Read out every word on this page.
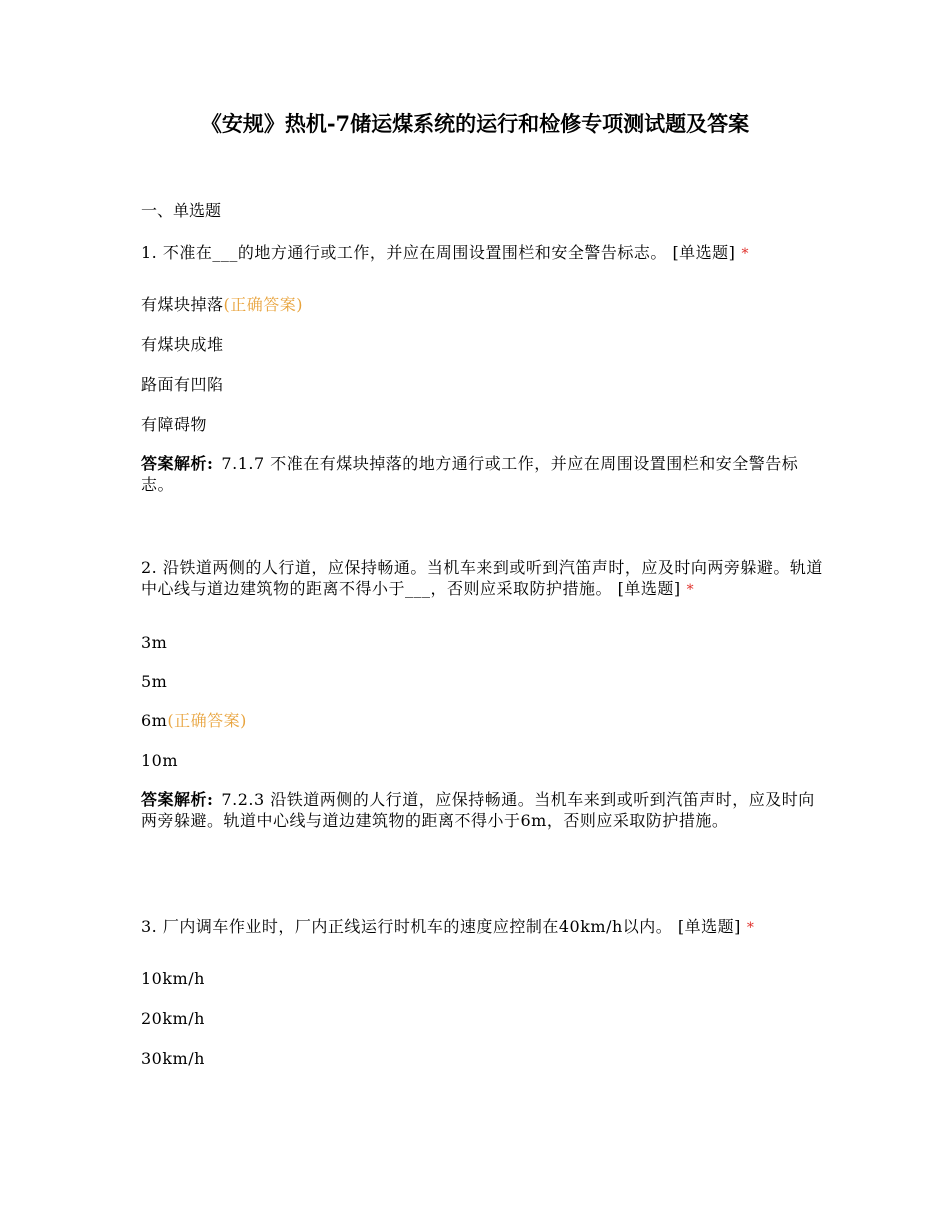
《安规》热机-7储运煤系统的运行和检修专项测试题及答案
一、单选题
1. 不准在___的地方通行或工作，并应在周围设置围栏和安全警告标志。 [单选题] *
有煤块掉落(正确答案)
有煤块成堆
路面有凹陷
有障碍物
答案解析: 7.1.7 不准在有煤块掉落的地方通行或工作，并应在周围设置围栏和安全警告标志。
2. 沿铁道两侧的人行道，应保持畅通。当机车来到或听到汽笛声时，应及时向两旁躲避。轨道中心线与道边建筑物的距离不得小于___，否则应采取防护措施。 [单选题] *
3m
5m
6m(正确答案)
10m
答案解析: 7.2.3 沿铁道两侧的人行道，应保持畅通。当机车来到或听到汽笛声时，应及时向两旁躲避。轨道中心线与道边建筑物的距离不得小于6m，否则应采取防护措施。
3. 厂内调车作业时，厂内正线运行时机车的速度应控制在40km/h以内。 [单选题] *
10km/h
20km/h
30km/h
